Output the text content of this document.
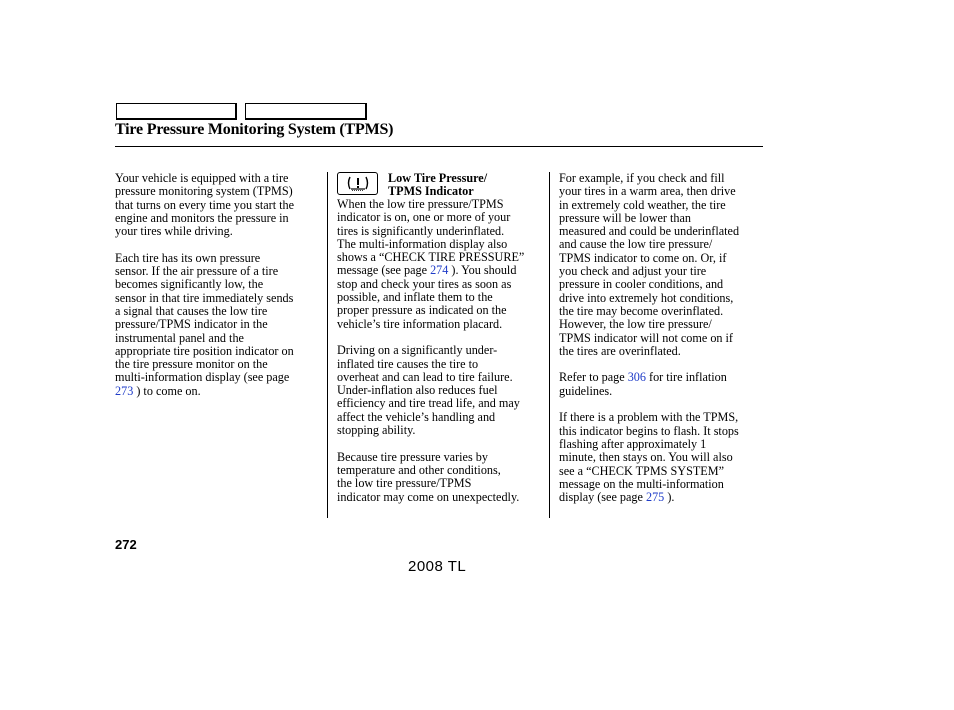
Tire Pressure Monitoring System (TPMS)

Your vehicle is equipped with a tire
pressure monitoring system (TPMS)
that turns on every time you start the
engine and monitors the pressure in
your tires while driving.

Each tire has its own pressure
sensor. If the air pressure of a tire
becomes significantly low, the
sensor in that tire immediately sends
a signal that causes the low tire
pressure/TPMS indicator in the
instrumental panel and the
appropriate tire position indicator on
the tire pressure monitor on the
multi-information display (see page
273 ) to come on.

Low Tire Pressure/
TPMS Indicator

When the low tire pressure/TPMS
indicator is on, one or more of your
tires is significantly underinflated.
The multi-information display also
shows a “CHECK TIRE PRESSURE”
message (see page 274 ). You should
stop and check your tires as soon as
possible, and inflate them to the
proper pressure as indicated on the
vehicle’s tire information placard.

Driving on a significantly under-
inflated tire causes the tire to
overheat and can lead to tire failure.
Under-inflation also reduces fuel
efficiency and tire tread life, and may
affect the vehicle’s handling and
stopping ability.

Because tire pressure varies by
temperature and other conditions,
the low tire pressure/TPMS
indicator may come on unexpectedly.

For example, if you check and fill
your tires in a warm area, then drive
in extremely cold weather, the tire
pressure will be lower than
measured and could be underinflated
and cause the low tire pressure/
TPMS indicator to come on. Or, if
you check and adjust your tire
pressure in cooler conditions, and
drive into extremely hot conditions,
the tire may become overinflated.
However, the low tire pressure/
TPMS indicator will not come on if
the tires are overinflated.

Refer to page 306 for tire inflation
guidelines.

If there is a problem with the TPMS,
this indicator begins to flash. It stops
flashing after approximately 1
minute, then stays on. You will also
see a “CHECK TPMS SYSTEM”
message on the multi-information
display (see page 275 ).

272
2008 TL
